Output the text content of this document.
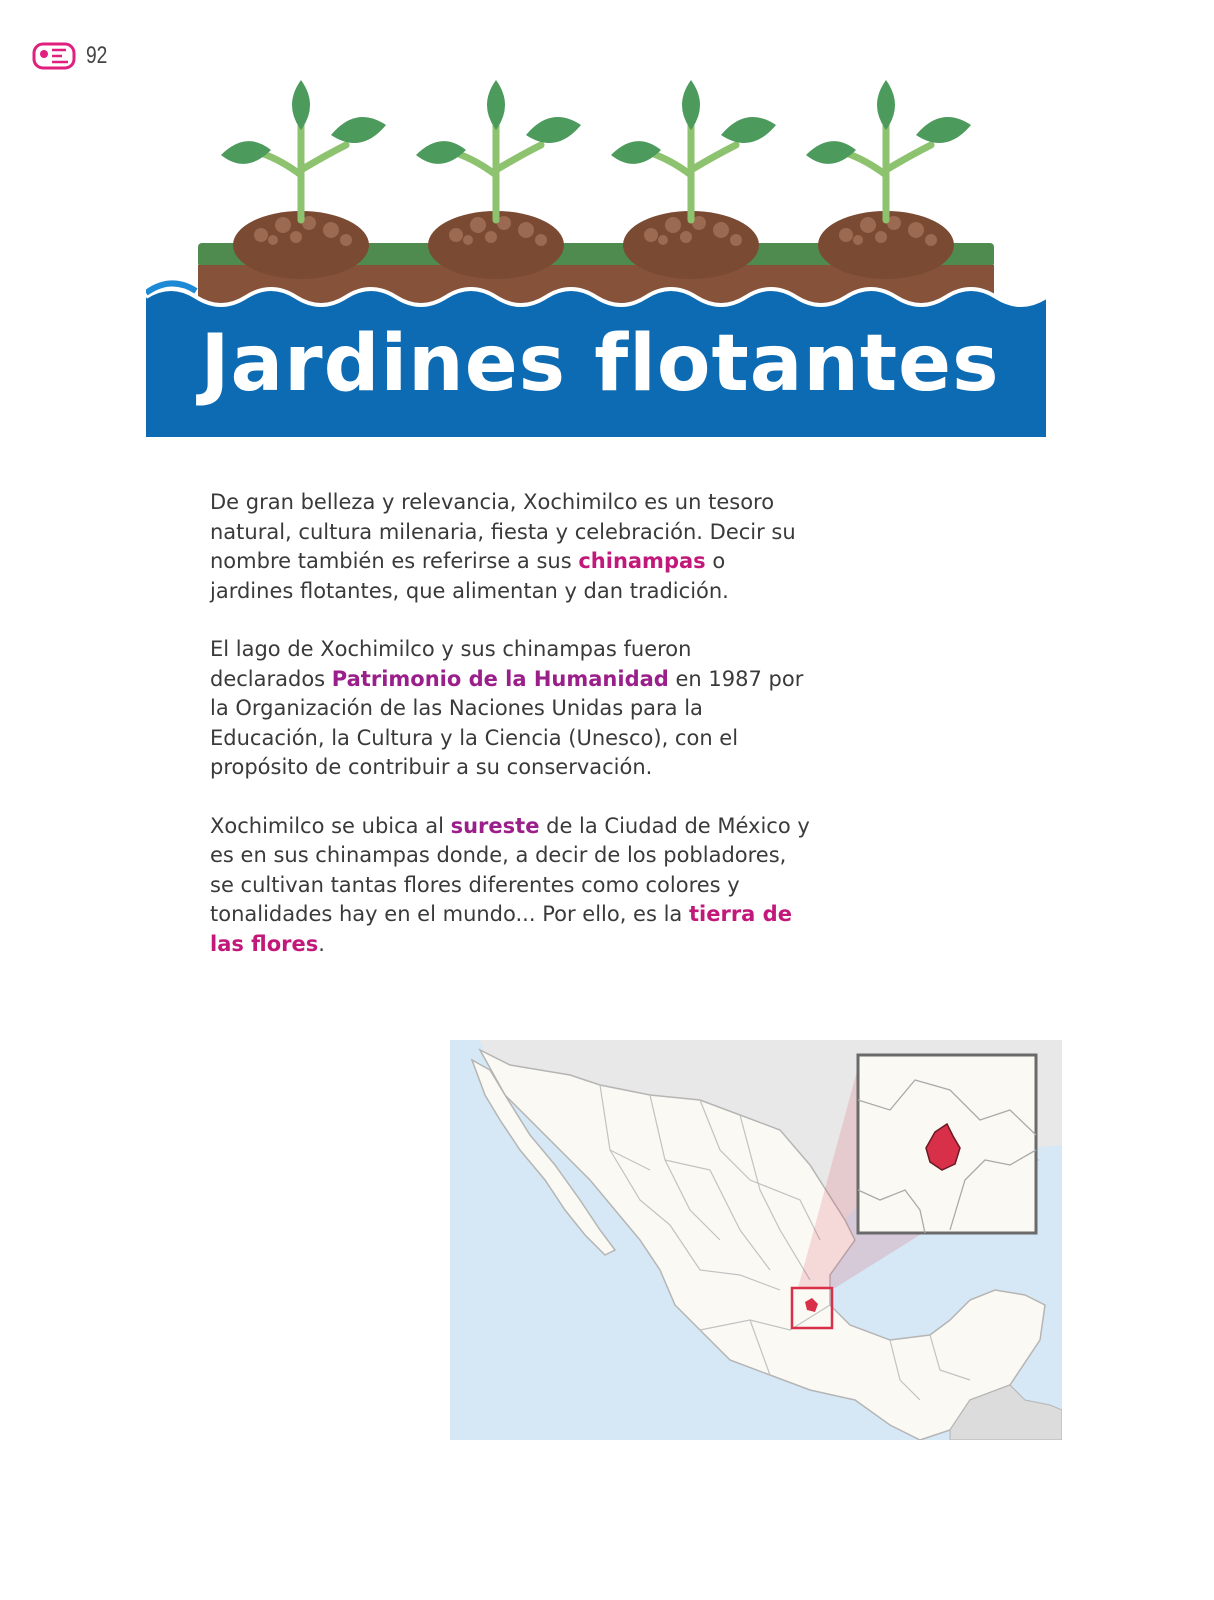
92
Jardines flotantes

De gran belleza y relevancia, Xochimilco es un tesoro natural, cultura milenaria, fiesta y celebración. Decir su nombre también es referirse a sus chinampas o jardines flotantes, que alimentan y dan tradición.

El lago de Xochimilco y sus chinampas fueron declarados Patrimonio de la Humanidad en 1987 por la Organización de las Naciones Unidas para la Educación, la Cultura y la Ciencia (Unesco), con el propósito de contribuir a su conservación.

Xochimilco se ubica al sureste de la Ciudad de México y es en sus chinampas donde, a decir de los pobladores, se cultivan tantas flores diferentes como colores y tonalidades hay en el mundo... Por ello, es la tierra de las flores.
